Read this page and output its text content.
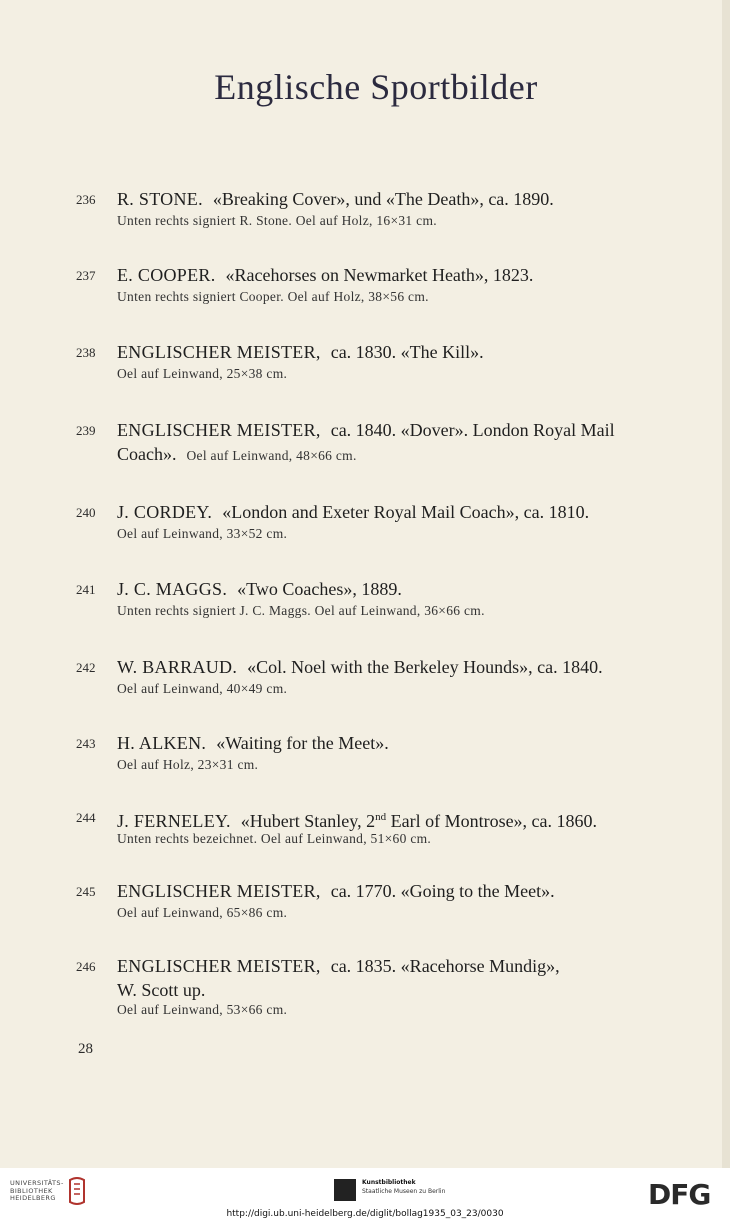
Englische Sportbilder
236 R. STONE. «Breaking Cover», und «The Death», ca. 1890.
Unten rechts signiert R. Stone. Oel auf Holz, 16×31 cm.
237 E. COOPER. «Racehorses on Newmarket Heath», 1823.
Unten rechts signiert Cooper. Oel auf Holz, 38×56 cm.
238 ENGLISCHER MEISTER, ca. 1830. «The Kill».
Oel auf Leinwand, 25×38 cm.
239 ENGLISCHER MEISTER, ca. 1840. «Dover». London Royal Mail
Coach». Oel auf Leinwand, 48×66 cm.
240 J. CORDEY. «London and Exeter Royal Mail Coach», ca. 1810.
Oel auf Leinwand, 33×52 cm.
241 J. C. MAGGS. «Two Coaches», 1889.
Unten rechts signiert J. C. Maggs. Oel auf Leinwand, 36×66 cm.
242 W. BARRAUD. «Col. Noel with the Berkeley Hounds», ca. 1840.
Oel auf Leinwand, 40×49 cm.
243 H. ALKEN. «Waiting for the Meet».
Oel auf Holz, 23×31 cm.
244 J. FERNELEY. «Hubert Stanley, 2nd Earl of Montrose», ca. 1860.
Unten rechts bezeichnet. Oel auf Leinwand, 51×60 cm.
245 ENGLISCHER MEISTER, ca. 1770. «Going to the Meet».
Oel auf Leinwand, 65×86 cm.
246 ENGLISCHER MEISTER, ca. 1835. «Racehorse Mundig»,
W. Scott up.
Oel auf Leinwand, 53×66 cm.
28
UNIVERSITÄTS-
BIBLIOTHEK
HEIDELBERG
Kunstbibliothek
Staatliche Museen zu Berlin	DFG
http://digi.ub.uni-heidelberg.de/diglit/bollag1935_03_23/0030
